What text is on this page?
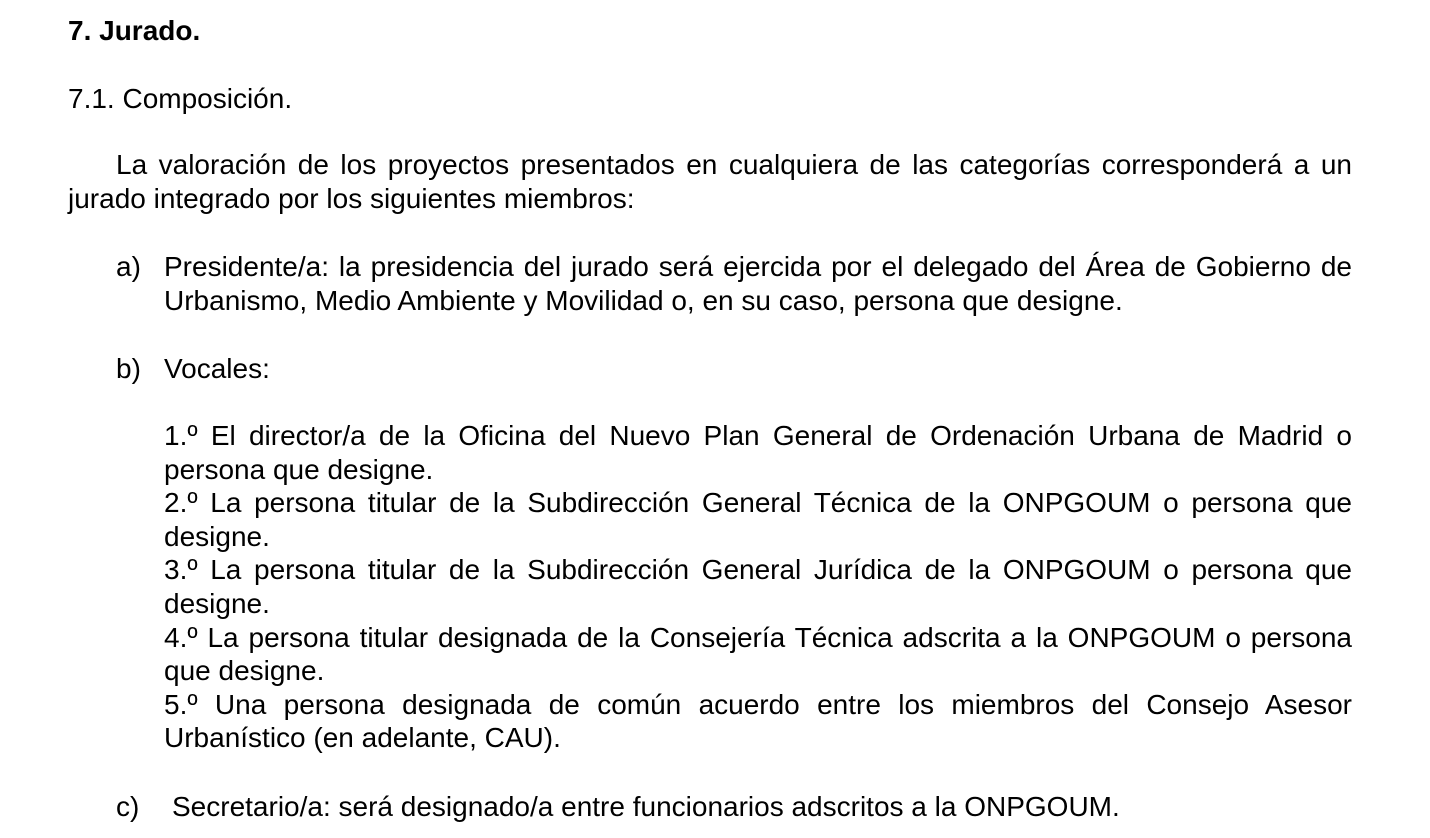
7. Jurado.
7.1. Composición.

La valoración de los proyectos presentados en cualquiera de las categorías corresponderá a un jurado integrado por los siguientes miembros:

a) Presidente/a: la presidencia del jurado será ejercida por el delegado del Área de Gobierno de Urbanismo, Medio Ambiente y Movilidad o, en su caso, persona que designe.
b) Vocales:
1.º El director/a de la Oficina del Nuevo Plan General de Ordenación Urbana de Madrid o persona que designe.
2.º La persona titular de la Subdirección General Técnica de la ONPGOUM o persona que designe.
3.º La persona titular de la Subdirección General Jurídica de la ONPGOUM o persona que designe.
4.º La persona titular designada de la Consejería Técnica adscrita a la ONPGOUM o persona que designe.
5.º Una persona designada de común acuerdo entre los miembros del Consejo Asesor Urbanístico (en adelante, CAU).
c) Secretario/a: será designado/a entre funcionarios adscritos a la ONPGOUM.
